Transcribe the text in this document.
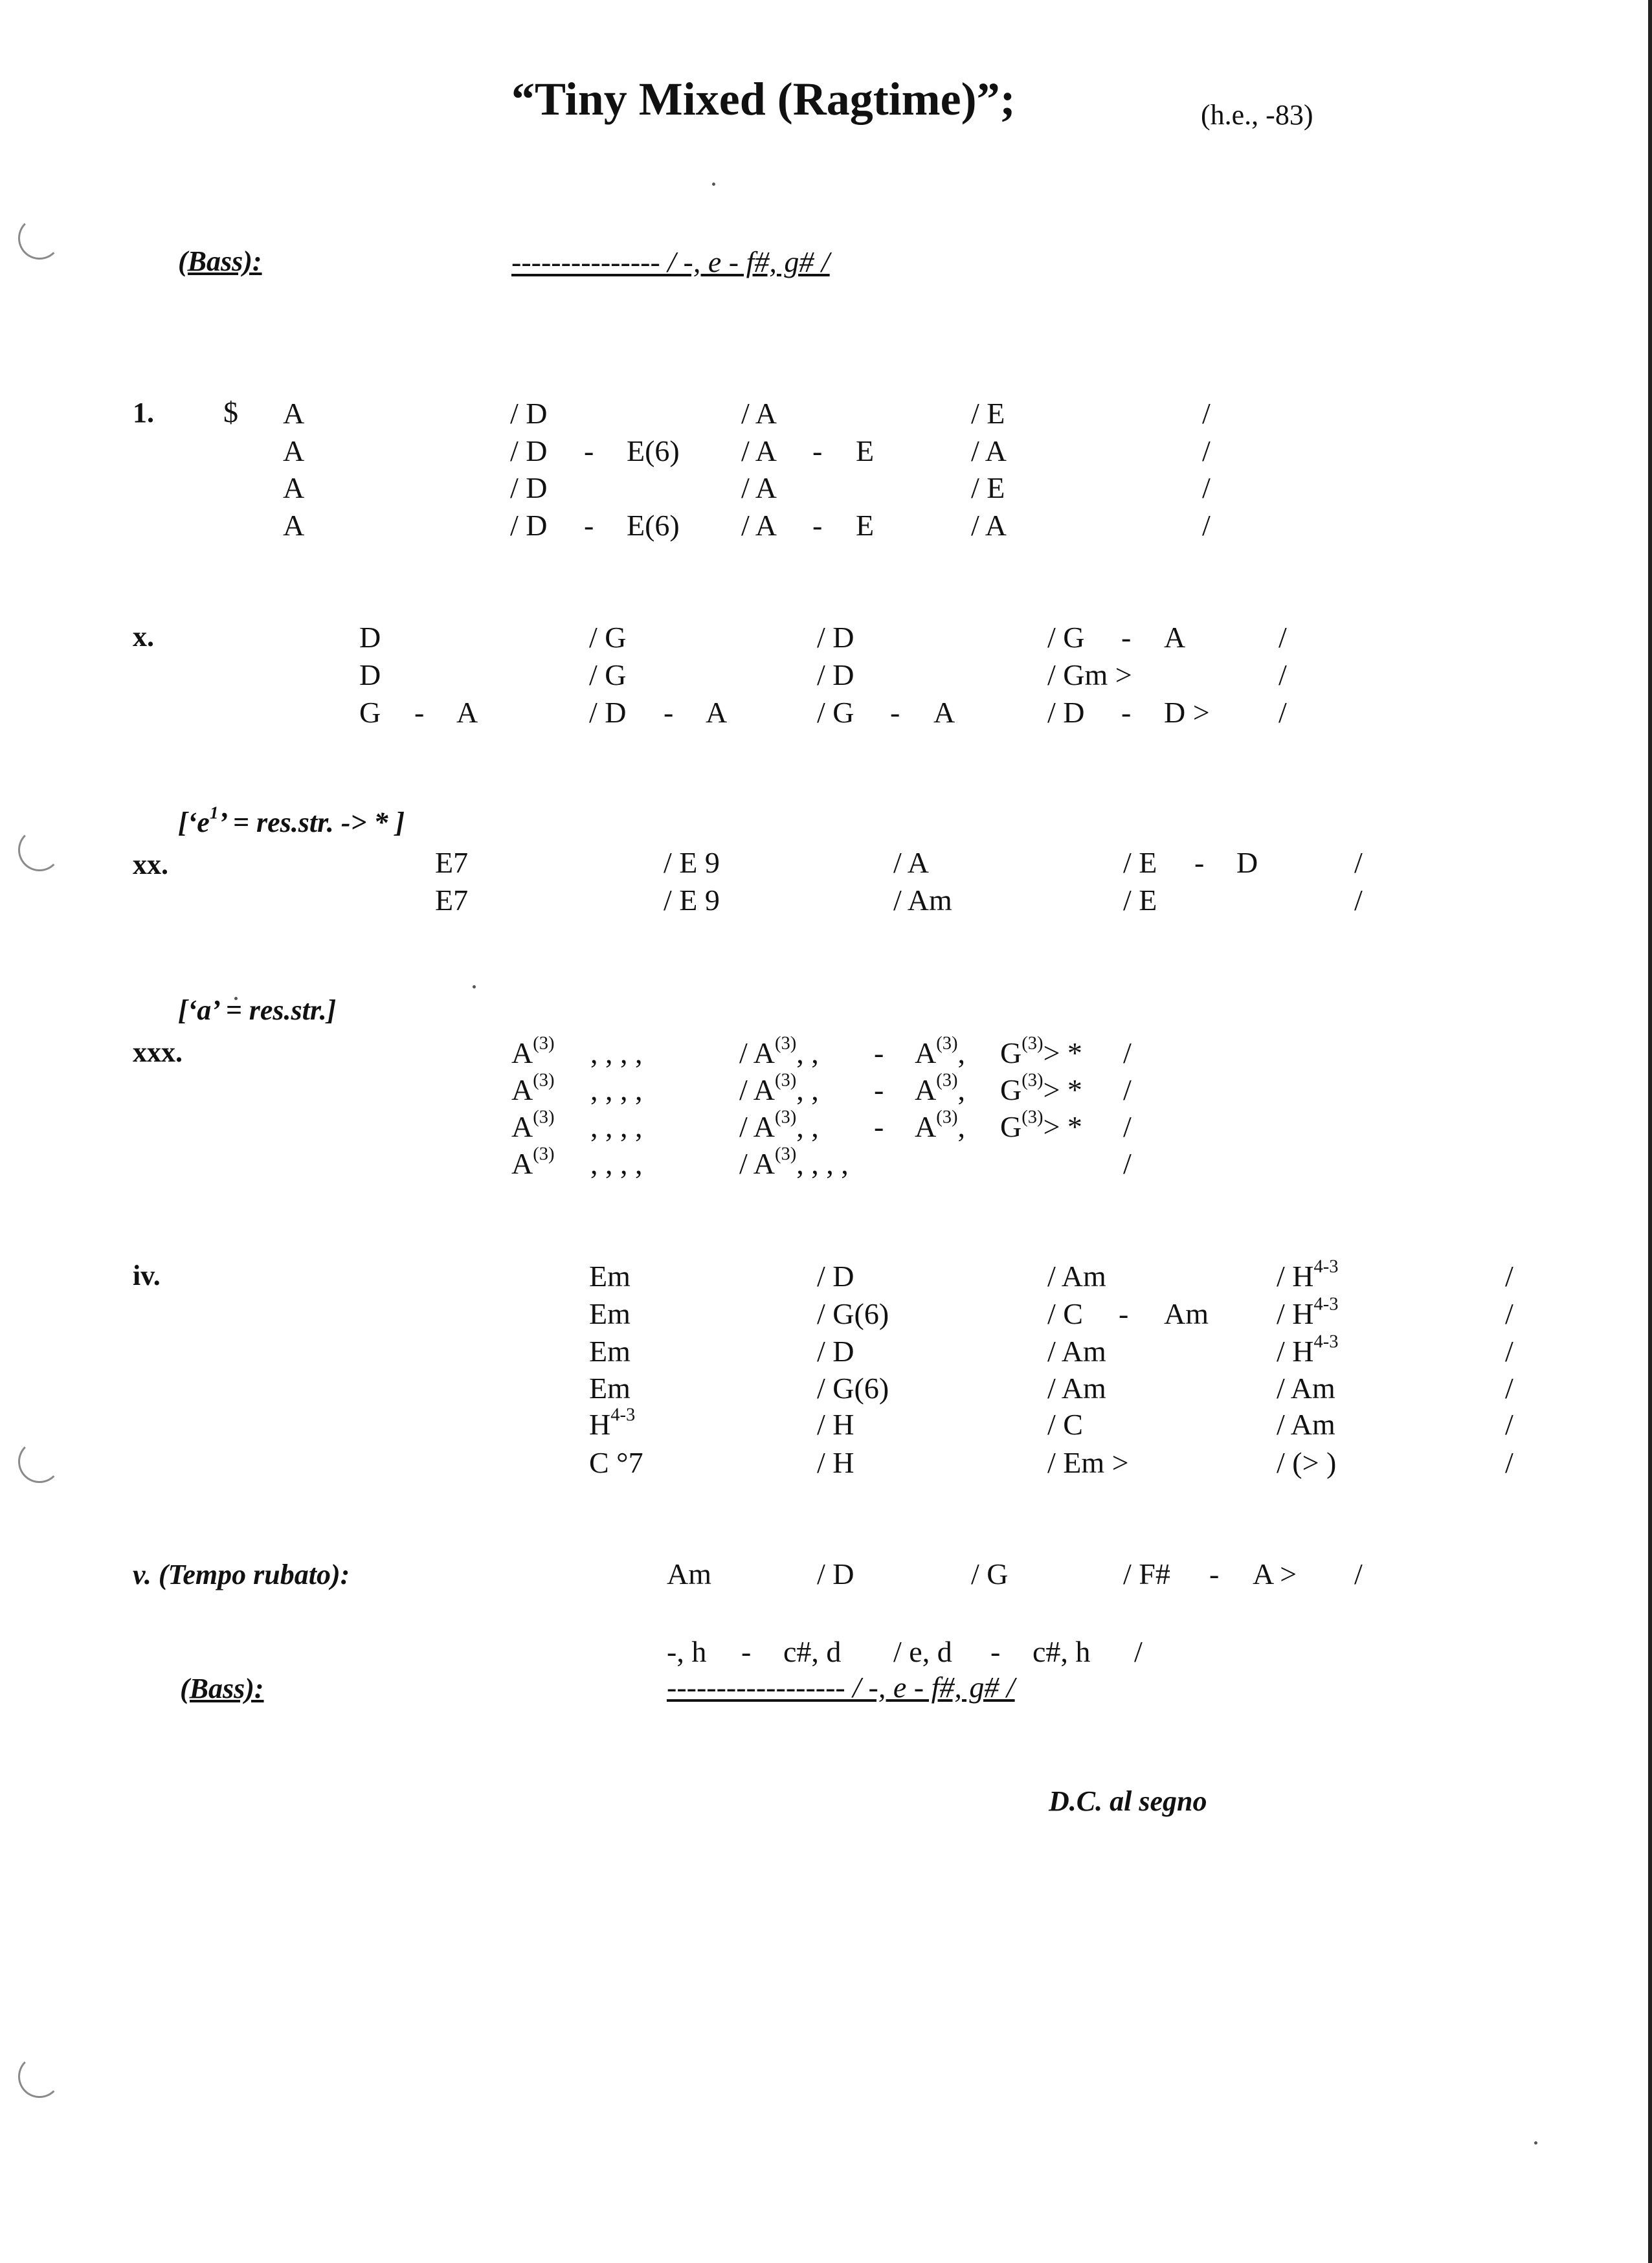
“Tiny Mixed (Ragtime)”;	(h.e., -83)
(Bass):	--------------- / -, e - f#, g# /
1. $ A	/ D	/ A	/ E	/
A	/ D - E(6) / A - E	/ A	/
A	/ D	/ A	/ E	/
A	/ D - E(6) / A - E	/ A	/
x.	D	/ G	/ D	/ G - A	/
D	/ G	/ D	/ Gm >	/
G - A	/ D - A	/ G - A	/ D - D > /
[‘$e^1$’ = res.str. -> * ]
xx.	E7	/ E 9	/ A	/ E - D	/
E7	/ E 9	/ Am	/ E	/
[‘a’ = res.str.]
xxx.	$A^{(3)}$ , , , ,	/ $A^{(3)}$, , - $A^{(3)}$, $G^{(3)}>$ * /
$A^{(3)}$ , , , ,	/ $A^{(3)}$, , - $A^{(3)}$, $G^{(3)}>$ * /
$A^{(3)}$ , , , ,	/ $A^{(3)}$, , - $A^{(3)}$, $G^{(3)}>$ * /
$A^{(3)}$ , , , ,	/ $A^{(3)}$, , , ,	/
iv.	Em	/ D	/ Am	/ $H^{4-3}$	/
Em	/ G(6)	/ C - Am / $H^{4-3}$	/
Em	/ D	/ Am	/ $H^{4-3}$	/
Em	/ G(6)	/ Am	/ Am	/
$H^{4-3}$	/ H	/ C	/ Am	/
C °7	/ H	/ Em >	/ (> )	/
v. (Tempo rubato):	Am	/ D	/ G	/ F# - A > /
-, h - c#, d / e, d - c#, h /
(Bass):	------------------ / -, e - f#, g# /
D.C. al segno
